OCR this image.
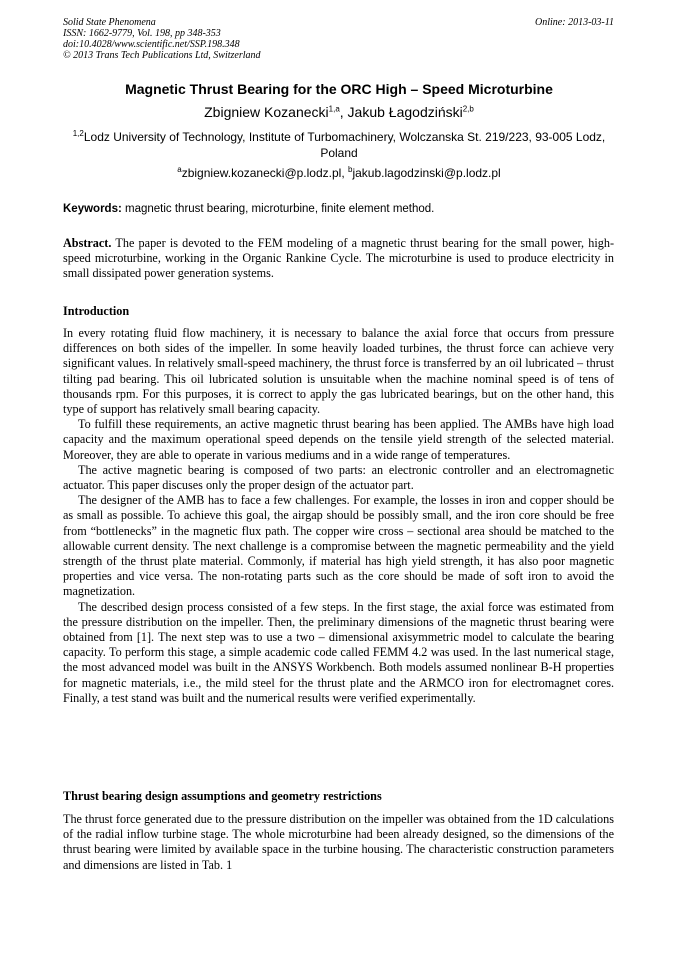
Solid State Phenomena
ISSN: 1662-9779, Vol. 198, pp 348-353
doi:10.4028/www.scientific.net/SSP.198.348
© 2013 Trans Tech Publications Ltd, Switzerland
Online: 2013-03-11
Magnetic Thrust Bearing for the ORC High – Speed Microturbine
Zbigniew Kozanecki$^{1,a}$, Jakub Łagodziński$^{2,b}$
$^{1,2}$Lodz University of Technology, Institute of Turbomachinery, Wolczanska St. 219/223, 93-005 Lodz, Poland
$^a$zbigniew.kozanecki@p.lodz.pl, $^b$jakub.lagodzinski@p.lodz.pl
Keywords: magnetic thrust bearing, microturbine, finite element method.

Abstract. The paper is devoted to the FEM modeling of a magnetic thrust bearing for the small power, high-speed microturbine, working in the Organic Rankine Cycle. The microturbine is used to produce electricity in small dissipated power generation systems.

Introduction

In every rotating fluid flow machinery, it is necessary to balance the axial force that occurs from pressure differences on both sides of the impeller. In some heavily loaded turbines, the thrust force can achieve very significant values. In relatively small-speed machinery, the thrust force is transferred by an oil lubricated – thrust tilting pad bearing. This oil lubricated solution is unsuitable when the machine nominal speed is of tens of thousands rpm. For this purposes, it is correct to apply the gas lubricated bearings, but on the other hand, this type of support has relatively small bearing capacity.

To fulfill these requirements, an active magnetic thrust bearing has been applied. The AMBs have high load capacity and the maximum operational speed depends on the tensile yield strength of the selected material. Moreover, they are able to operate in various mediums and in a wide range of temperatures.

The active magnetic bearing is composed of two parts: an electronic controller and an electromagnetic actuator. This paper discuses only the proper design of the actuator part.

The designer of the AMB has to face a few challenges. For example, the losses in iron and copper should be as small as possible. To achieve this goal, the airgap should be possibly small, and the iron core should be free from “bottlenecks” in the magnetic flux path. The copper wire cross – sectional area should be matched to the allowable current density. The next challenge is a compromise between the magnetic permeability and the yield strength of the thrust plate material. Commonly, if material has high yield strength, it has also poor magnetic properties and vice versa. The non-rotating parts such as the core should be made of soft iron to avoid the magnetization.

The described design process consisted of a few steps. In the first stage, the axial force was estimated from the pressure distribution on the impeller. Then, the preliminary dimensions of the magnetic thrust bearing were obtained from [1]. The next step was to use a two – dimensional axisymmetric model to calculate the bearing capacity. To perform this stage, a simple academic code called FEMM 4.2 was used. In the last numerical stage, the most advanced model was built in the ANSYS Workbench. Both models assumed nonlinear B-H properties for magnetic materials, i.e., the mild steel for the thrust plate and the ARMCO iron for electromagnet cores. Finally, a test stand was built and the numerical results were verified experimentally.

Thrust bearing design assumptions and geometry restrictions

The thrust force generated due to the pressure distribution on the impeller was obtained from the 1D calculations of the radial inflow turbine stage. The whole microturbine had been already designed, so the dimensions of the thrust bearing were limited by available space in the turbine housing. The characteristic construction parameters and dimensions are listed in Tab. 1
